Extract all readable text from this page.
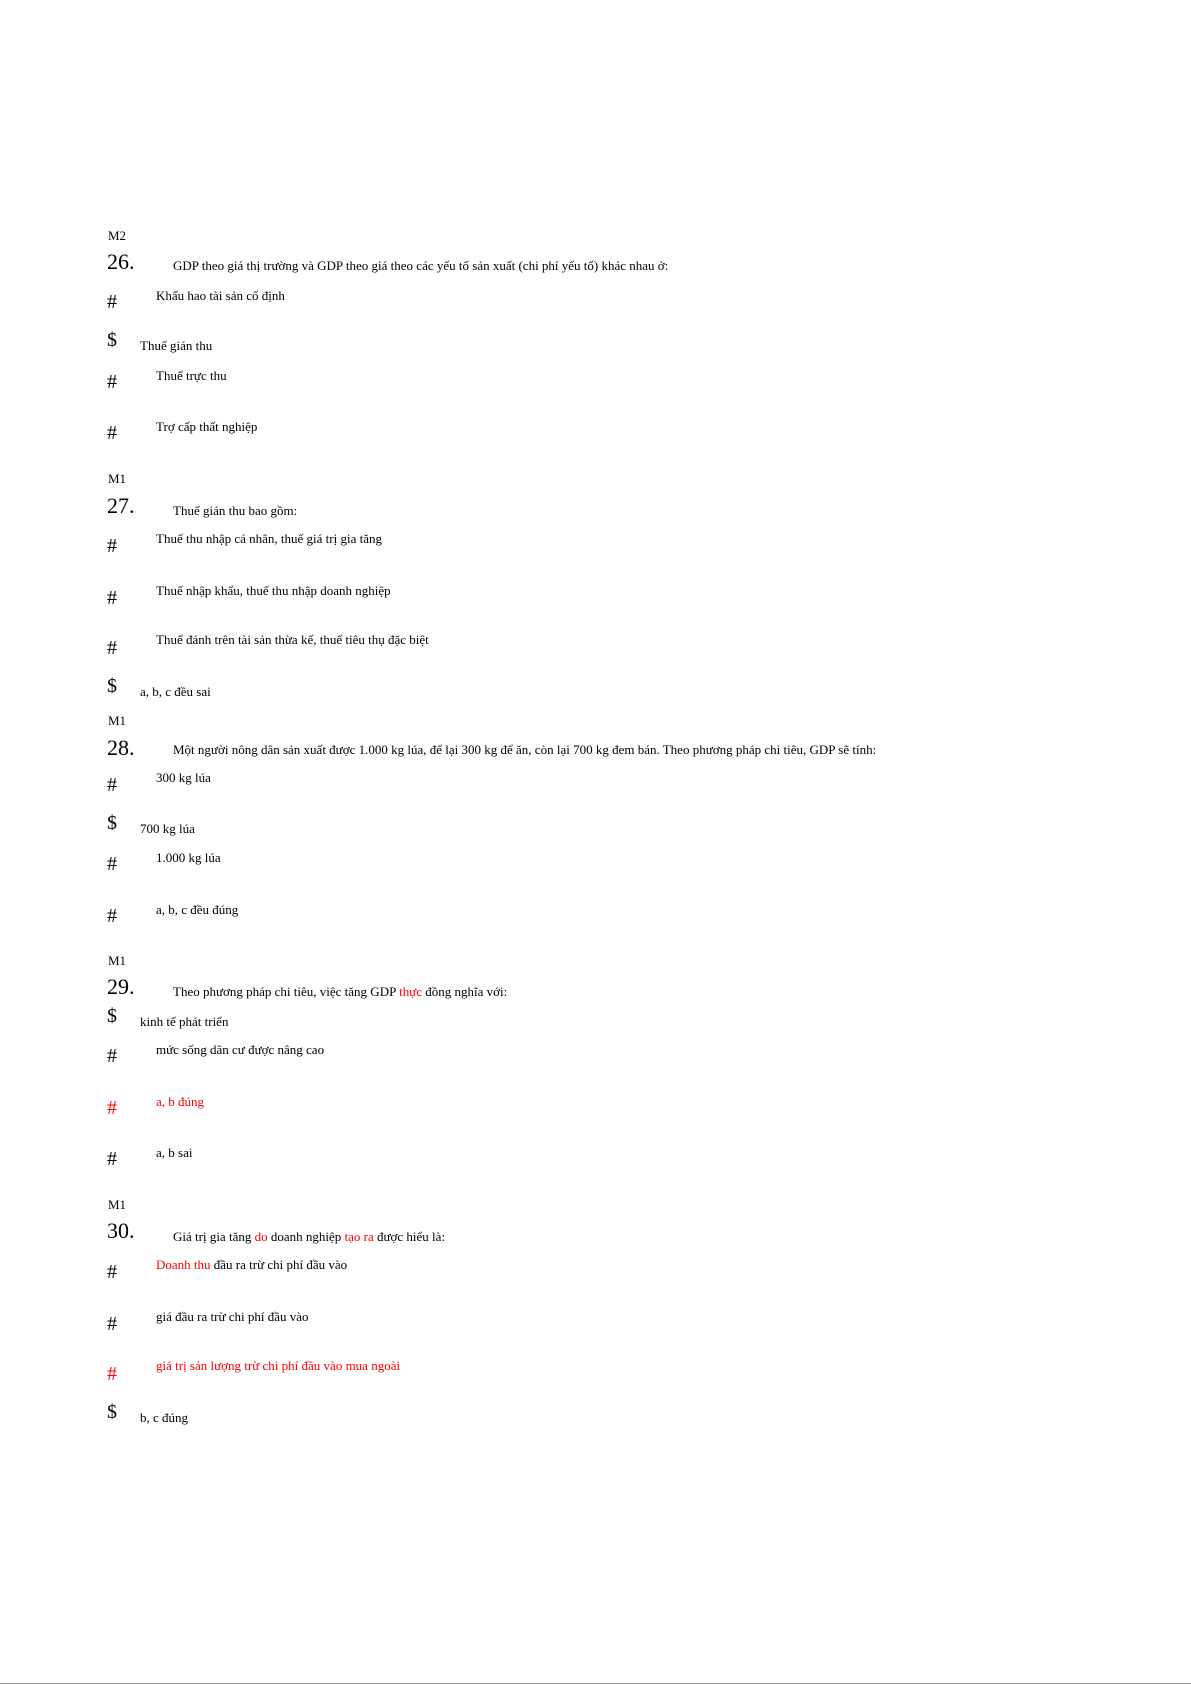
M2
26.	GDP theo giá thị trường và GDP theo giá theo các yếu tố sản xuất (chi phí yếu tố) khác nhau ở:
#	Khấu hao tài sản cố định
$ Thuế gián thu
#	Thuế trực thu
#	Trợ cấp thất nghiệp
M1
27.	Thuế gián thu bao gồm:
#	Thuế thu nhập cá nhân, thuế giá trị gia tăng
#	Thuế nhập khẩu, thuế thu nhập doanh nghiệp
#	Thuế đánh trên tài sản thừa kế, thuế tiêu thụ đặc biệt
$ a, b, c đều sai
M1
28.	Một người nông dân sản xuất được 1.000 kg lúa, để lại 300 kg để ăn, còn lại 700 kg đem bán. Theo phương pháp chi tiêu, GDP sẽ tính:
#	300 kg lúa
$ 700 kg lúa
#	1.000 kg lúa
#	a, b, c đều đúng
M1
29.	Theo phương pháp chi tiêu, việc tăng GDP thực đồng nghĩa với:
$ kinh tế phát triển
#	mức sống dân cư được nâng cao
#	a, b đúng
#	a, b sai
M1
30.	Giá trị gia tăng do doanh nghiệp tạo ra được hiểu là:
#	Doanh thu đầu ra trừ chi phí đầu vào
#	giá đầu ra trừ chi phí đầu vào
#	giá trị sản lượng trừ chi phí đầu vào mua ngoài
$ b, c đúng
